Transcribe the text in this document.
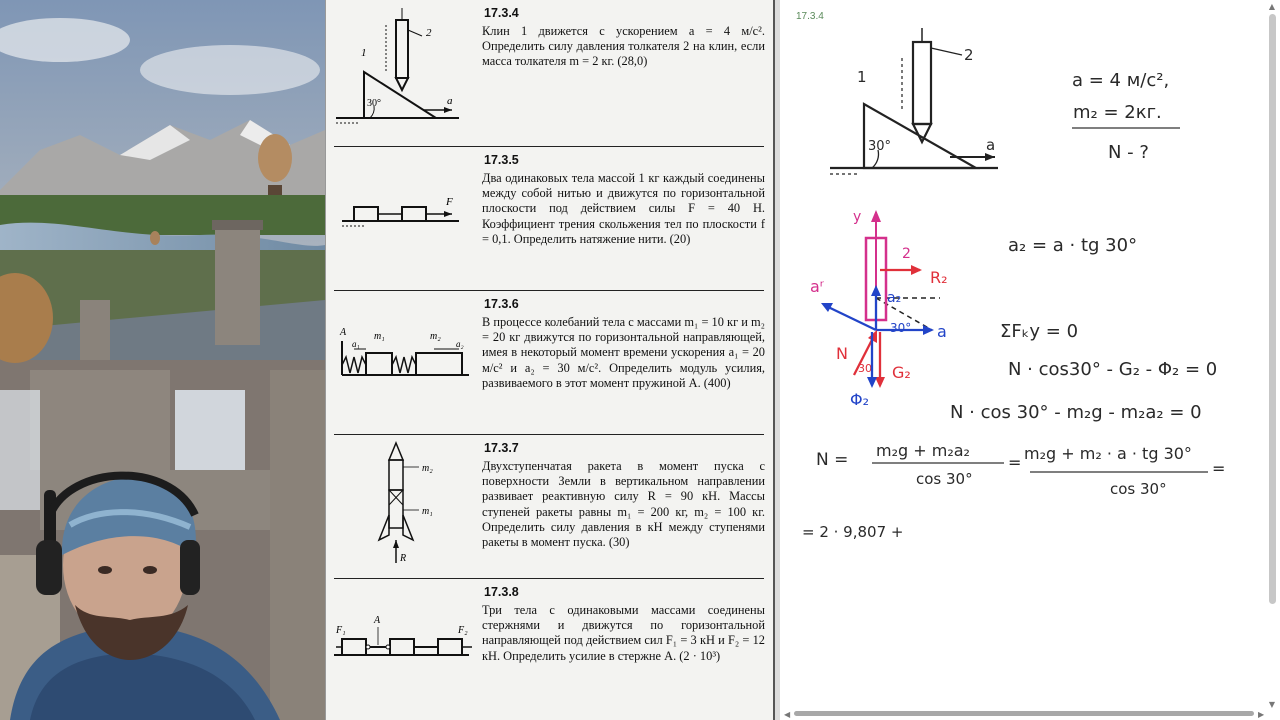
1
2
30°	a
17.3.4
Клин 1 движется с ускорением a = 4 м/с². Определить силу давления толкателя 2 на клин, если масса толкателя m = 2 кг. (28,0)
F
17.3.5
Два одинаковых тела массой 1 кг каждый соединены между собой нитью и движутся по горизонтальной плоскости под действием силы F = 40 Н. Коэффициент трения скольжения тел по плоскости f = 0,1. Определить натяжение нити. (20)
A	m₁	m₂
a₁	a₂
17.3.6
В процессе колебаний тела с массами m₁ = 10 кг и m₂ = 20 кг движутся по горизонтальной направляющей, имея в некоторый момент времени ускорения a₁ = 20 м/с² и a₂ = 30 м/с². Определить модуль усилия, развиваемого в этот момент пружиной A. (400)
m₂
m₁
R
17.3.7
Двухступенчатая ракета в момент пуска с поверхности Земли в вертикальном направлении развивает реактивную силу R = 90 кН. Массы ступеней ракеты равны m₁ = 200 кг, m₂ = 100 кг. Определить силу давления в кН между ступенями ракеты в момент пуска. (30)
F₁	F₂
A
17.3.8
Три тела с одинаковыми массами соединены стержнями и движутся по горизонтальной направляющей под действием сил F₁ = 3 кН и F₂ = 12 кН. Определить усилие в стержне A. (2 · 10³)
17.3.4
1
2
30°	a
a = 4 м/c²,
m₂ = 2кг.
N - ?
y
2
R₂
a₂
a
30°
aʳ
N
30 G₂
Φ₂
a₂ = a · tg 30°
ΣFₖy = 0
N · cos30° - G₂ - Φ₂ = 0
N · cos 30° - m₂g - m₂a₂ = 0
N = m₂g + m₂a₂
cos 30°
= m₂g + m₂ · a · tg 30°
cos 30°
=
= 2 · 9,807 +
▲
▼
◀	▶
